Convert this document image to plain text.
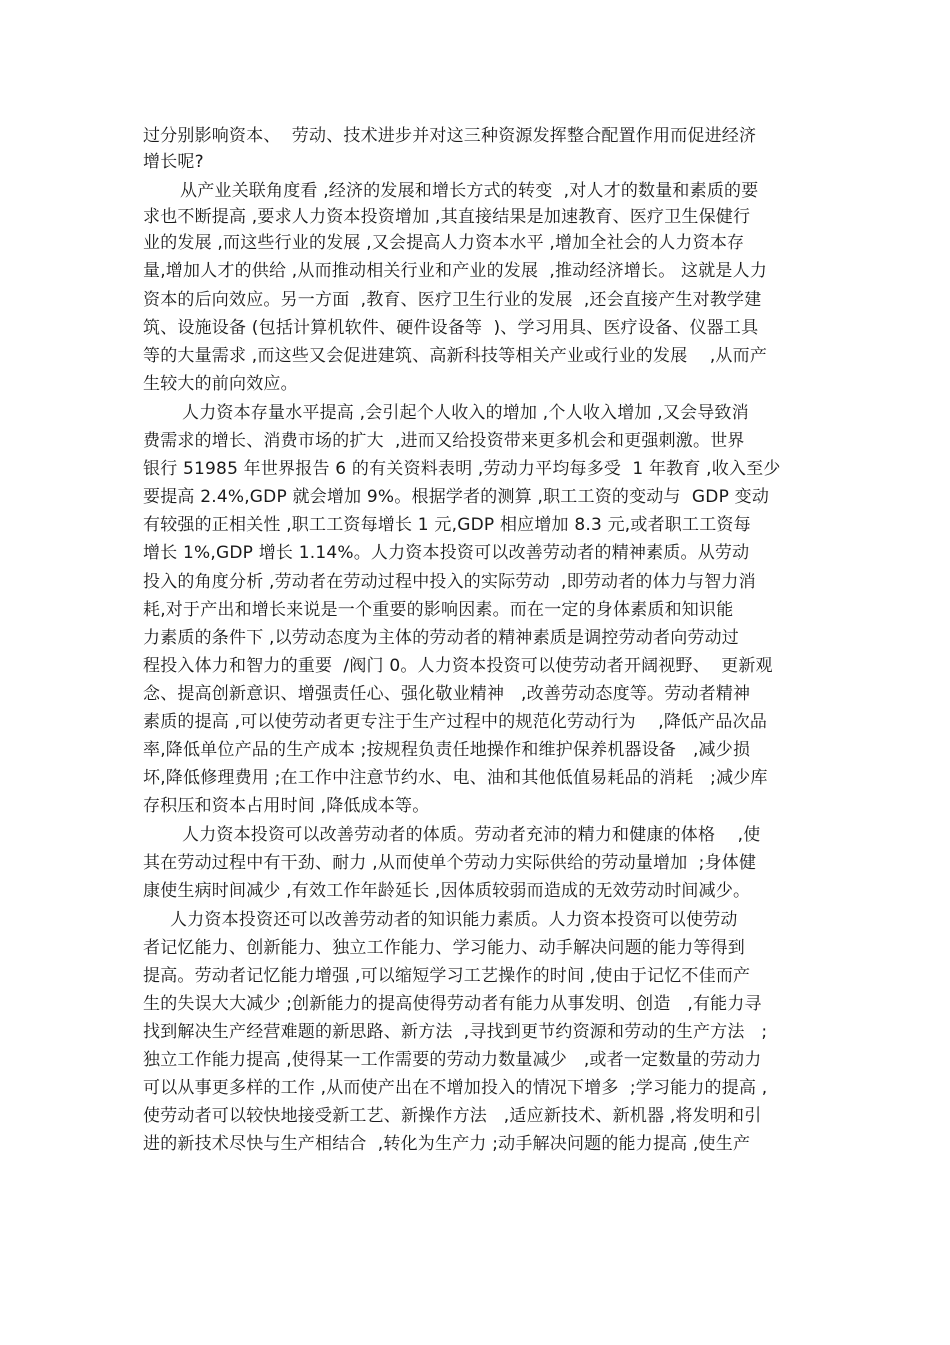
过分别影响资本、  劳动、技术进步并对这三种资源发挥整合配置作用而促进经济
增长呢?
从产业关联角度看 ,经济的发展和增长方式的转变  ,对人才的数量和素质的要
求也不断提高 ,要求人力资本投资增加 ,其直接结果是加速教育、医疗卫生保健行
业的发展 ,而这些行业的发展 ,又会提高人力资本水平 ,增加全社会的人力资本存
量,增加人才的供给 ,从而推动相关行业和产业的发展  ,推动经济增长。 这就是人力
资本的后向效应。另一方面  ,教育、医疗卫生行业的发展  ,还会直接产生对教学建
筑、设施设备 (包括计算机软件、硬件设备等  )、学习用具、医疗设备、仪器工具
等的大量需求 ,而这些又会促进建筑、高新科技等相关产业或行业的发展    ,从而产
生较大的前向效应。
人力资本存量水平提高 ,会引起个人收入的增加 ,个人收入增加 ,又会导致消
费需求的增长、消费市场的扩大  ,进而又给投资带来更多机会和更强刺激。世界
银行 51985 年世界报告 6 的有关资料表明 ,劳动力平均每多受  1 年教育 ,收入至少
要提高 2.4%,GDP 就会增加 9%。根据学者的测算 ,职工工资的变动与  GDP 变动
有较强的正相关性 ,职工工资每增长 1 元,GDP 相应增加 8.3 元,或者职工工资每
增长 1%,GDP 增长 1.14%。人力资本投资可以改善劳动者的精神素质。从劳动
投入的角度分析 ,劳动者在劳动过程中投入的实际劳动  ,即劳动者的体力与智力消
耗,对于产出和增长来说是一个重要的影响因素。而在一定的身体素质和知识能
力素质的条件下 ,以劳动态度为主体的劳动者的精神素质是调控劳动者向劳动过
程投入体力和智力的重要  /阀门 0。人力资本投资可以使劳动者开阔视野、  更新观
念、提高创新意识、增强责任心、强化敬业精神   ,改善劳动态度等。劳动者精神
素质的提高 ,可以使劳动者更专注于生产过程中的规范化劳动行为    ,降低产品次品
率,降低单位产品的生产成本 ;按规程负责任地操作和维护保养机器设备   ,减少损
坏,降低修理费用 ;在工作中注意节约水、电、油和其他低值易耗品的消耗   ;减少库
存积压和资本占用时间 ,降低成本等。
人力资本投资可以改善劳动者的体质。劳动者充沛的精力和健康的体格    ,使
其在劳动过程中有干劲、耐力 ,从而使单个劳动力实际供给的劳动量增加  ;身体健
康使生病时间减少 ,有效工作年龄延长 ,因体质较弱而造成的无效劳动时间减少。
人力资本投资还可以改善劳动者的知识能力素质。人力资本投资可以使劳动
者记忆能力、创新能力、独立工作能力、学习能力、动手解决问题的能力等得到
提高。劳动者记忆能力增强 ,可以缩短学习工艺操作的时间 ,使由于记忆不佳而产
生的失误大大减少 ;创新能力的提高使得劳动者有能力从事发明、创造   ,有能力寻
找到解决生产经营难题的新思路、新方法  ,寻找到更节约资源和劳动的生产方法   ;
独立工作能力提高 ,使得某一工作需要的劳动力数量减少   ,或者一定数量的劳动力
可以从事更多样的工作 ,从而使产出在不增加投入的情况下增多  ;学习能力的提高 ,
使劳动者可以较快地接受新工艺、新操作方法   ,适应新技术、新机器 ,将发明和引
进的新技术尽快与生产相结合  ,转化为生产力 ;动手解决问题的能力提高 ,使生产
